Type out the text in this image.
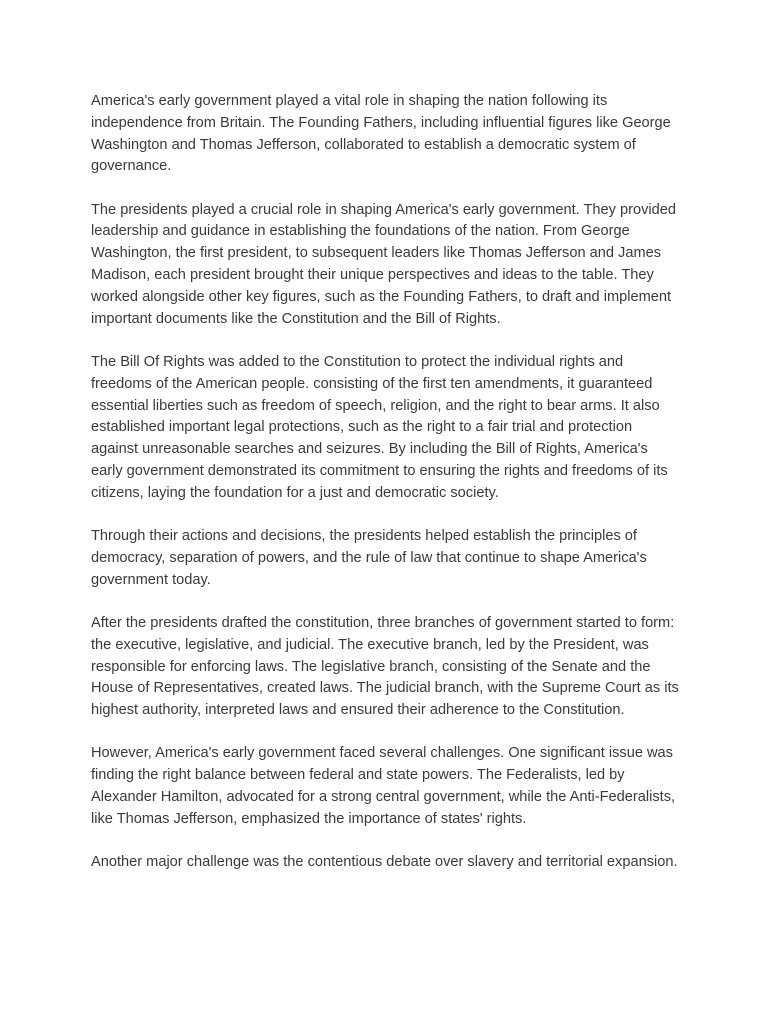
America's early government played a vital role in shaping the nation following its
independence from Britain. The Founding Fathers, including influential figures like George
Washington and Thomas Jefferson, collaborated to establish a democratic system of
governance.

The presidents played a crucial role in shaping America's early government. They provided
leadership and guidance in establishing the foundations of the nation. From George
Washington, the first president, to subsequent leaders like Thomas Jefferson and James
Madison, each president brought their unique perspectives and ideas to the table. They
worked alongside other key figures, such as the Founding Fathers, to draft and implement
important documents like the Constitution and the Bill of Rights.

The Bill Of Rights was added to the Constitution to protect the individual rights and
freedoms of the American people. consisting of the first ten amendments, it guaranteed
essential liberties such as freedom of speech, religion, and the right to bear arms. It also
established important legal protections, such as the right to a fair trial and protection
against unreasonable searches and seizures. By including the Bill of Rights, America's
early government demonstrated its commitment to ensuring the rights and freedoms of its
citizens, laying the foundation for a just and democratic society.

Through their actions and decisions, the presidents helped establish the principles of
democracy, separation of powers, and the rule of law that continue to shape America's
government today.

After the presidents drafted the constitution, three branches of government started to form:
the executive, legislative, and judicial. The executive branch, led by the President, was
responsible for enforcing laws. The legislative branch, consisting of the Senate and the
House of Representatives, created laws. The judicial branch, with the Supreme Court as its
highest authority, interpreted laws and ensured their adherence to the Constitution.

However, America's early government faced several challenges. One significant issue was
finding the right balance between federal and state powers. The Federalists, led by
Alexander Hamilton, advocated for a strong central government, while the Anti-Federalists,
like Thomas Jefferson, emphasized the importance of states' rights.

Another major challenge was the contentious debate over slavery and territorial expansion.
